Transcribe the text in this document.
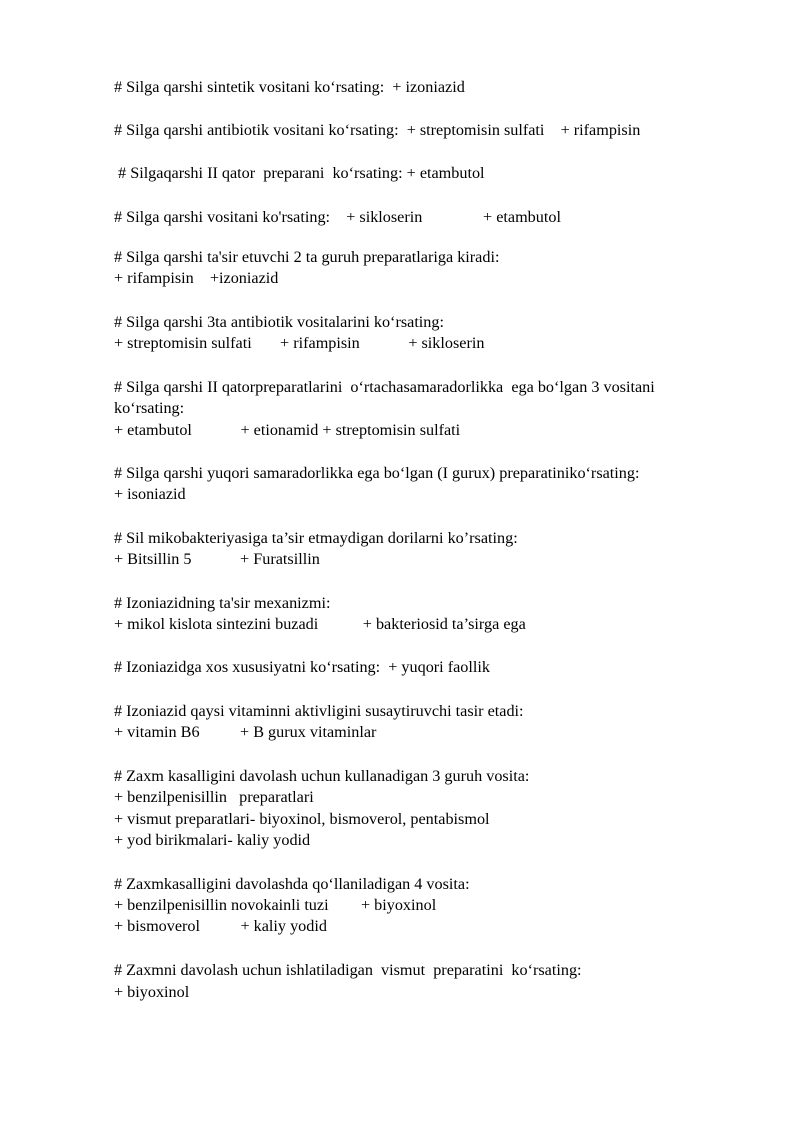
# Silga qarshi sintetik vositani ko‘rsating:  + izoniazid
# Silga qarshi antibiotik vositani ko‘rsating:  + streptomisin sulfati    + rifampisin
# Silgaqarshi II qator  preparani  ko‘rsating: + etambutol
# Silga qarshi vositani ko'rsating:    + sikloserin               + etambutol
# Silga qarshi ta'sir etuvchi 2 ta guruh preparatlariga kiradi:
+ rifampisin    +izoniazid
# Silga qarshi 3ta antibiotik vositalarini ko‘rsating:
+ streptomisin sulfati       + rifampisin            + sikloserin
# Silga qarshi II qatorpreparatlarini  o‘rtachasamaradorlikka  ega bo‘lgan 3 vositani
ko‘rsating:
+ etambutol            + etionamid + streptomisin sulfati
# Silga qarshi yuqori samaradorlikka ega bo‘lgan (I gurux) preparatiniko‘rsating:
+ isoniazid
# Sil mikobakteriyasiga ta’sir etmaydigan dorilarni ko’rsating:
+ Bitsillin 5            + Furatsillin
# Izoniazidning ta'sir mexanizmi:
+ mikol kislota sintezini buzadi           + bakteriosid ta’sirga ega
# Izoniazidga xos xususiyatni ko‘rsating:  + yuqori faollik
# Izoniazid qaysi vitaminni aktivligini susaytiruvchi tasir etadi:
+ vitamin B6          + B gurux vitaminlar
# Zaxm kasalligini davolash uchun kullanadigan 3 guruh vosita:
+ benzilpenisillin   preparatlari
+ vismut preparatlari- biyoxinol, bismoverol, pentabismol
+ yod birikmalari- kaliy yodid
# Zaxmkasalligini davolashda qo‘llaniladigan 4 vosita:
+ benzilpenisillin novokainli tuzi        + biyoxinol
+ bismoverol          + kaliy yodid
# Zaxmni davolash uchun ishlatiladigan  vismut  preparatini  ko‘rsating:
+ biyoxinol
